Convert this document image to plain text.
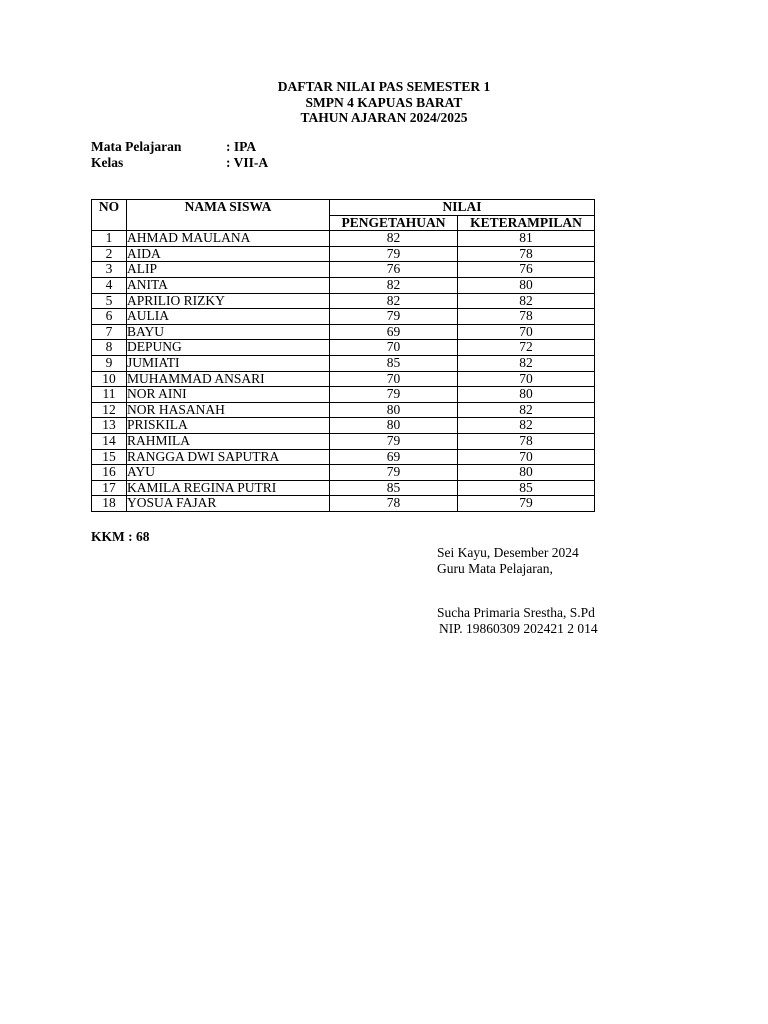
DAFTAR NILAI PAS SEMESTER 1
SMPN 4 KAPUAS BARAT
TAHUN AJARAN 2024/2025
Mata Pelajaran	: IPA
Kelas	: VII-A
NO	NAMA SISWA	NILAI	
		PENGETAHUAN	KETERAMPILAN
1	AHMAD MAULANA	82	81
2	AIDA	79	78
3	ALIP	76	76
4	ANITA	82	80
5	APRILIO RIZKY	82	82
6	AULIA	79	78
7	BAYU	69	70
8	DEPUNG	70	72
9	JUMIATI	85	82
10	MUHAMMAD ANSARI	70	70
11	NOR AINI	79	80
12	NOR HASANAH	80	82
13	PRISKILA	80	82
14	RAHMILA	79	78
15	RANGGA DWI SAPUTRA	69	70
16	AYU	79	80
17	KAMILA REGINA PUTRI	85	85
18	YOSUA FAJAR	78	79
KKM : 68
Sei Kayu, Desember 2024
Guru Mata Pelajaran,
Sucha Primaria Srestha, S.Pd
NIP. 19860309 202421 2 014
